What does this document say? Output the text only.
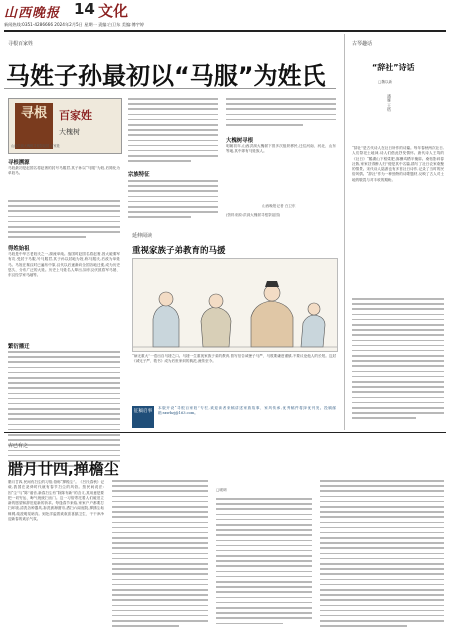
山西晚报 14 文化
新闻热线:0351-4286666 2024年2月5日 星期一 责编:白卫东 美编:傅宇婷
寻根百家姓
马姓子孙最初以“马服”为姓氏
寻根	百家姓
大槐树
山西洪洞大槐树寻根祭祖园 百家姓
寻根溯源
马姓最初是赵国名将赵奢的封号马服君,其子孙以“马服”为姓,后简化为单姓马。
得姓始祖
马姓是中华古老姓氏之一,源流单纯。战国时赵国名将赵奢,因大破秦军有功,受封于马服,号马服君,其子孙以封地为姓,称马服氏,后改为单姓马。马姓在秦汉时已遍布中原,汉代以后逐渐向全国各地迁徙,成为历史悠久、分布广泛的大姓。历史上马姓名人辈出,如东汉伏波将军马援、东汉经学家马融等。
繁衍播迁
宗族特征
大槐树寻根
明朝初年,山西洪洞大槐树下曾多次组织移民,迁往河南、河北、山东等地,其中即有马姓族人。
山西晚报记者 白卫东
(资料来源:洪洞大槐树寻根祭祖园)
延伸阅读
重视家族子弟教育的马援
“病无重大”一语出自马援之口。马援一生重视家族子弟的教育,曾写信告诫侄子马严、马敦要谦虚谨慎,不要议论他人的长短。这封《诫兄子严、敦书》成为后世家训的典范,流传至今。
征稿启事
本版开设“寻根百家姓”专栏,欢迎读者来稿讲述家族故事、家风传承,优秀稿件将择优刊发。投稿邮箱:sxwbzj@163.com。
古琴趣话
“辞社”诗话
□魏以新
潘雁 王缙
“辞社”是古代诗人在社日所作的诗篇。每年春秋两次社日,人们祭祀土地神,诗人们借此抒发情怀。唐代诗人王驾的《社日》“鹅湖山下稻粱肥,豚栅鸡栖半掩扉。桑柘影斜春社散,家家扶得醉人归”便是其中名篇,描写了社日农家欢聚的情景。宋代诗人陆游也有多首社日诗作,记录了当时的民俗风情。“辞社”作为一种独特的诗歌题材,反映了古人对土地的敬畏与对丰收的期盼。
古已有之
腊月廿四,掸檐尘
□暖调
腊月廿四,民间有扫尘的习俗,俗称“掸檐尘”。《吕氏春秋》记载,我国在尧舜时代就有春节扫尘的风俗。按民间说法:因“尘”与“陈”谐音,新春扫尘有“除陈布新”的含义,其用意是要把一切穷运、晦气统统扫出门。这一习俗寄托着人们破旧立新的愿望和辞旧迎新的祈求。每逢春节来临,家家户户都要打扫环境,清洗各种器具,拆洗被褥窗帘,洒扫六闾庭院,掸拂尘垢蛛网,疏浚明渠暗沟。到处洋溢着欢欢喜喜搞卫生、干干净净迎新春的欢乐气氛。
